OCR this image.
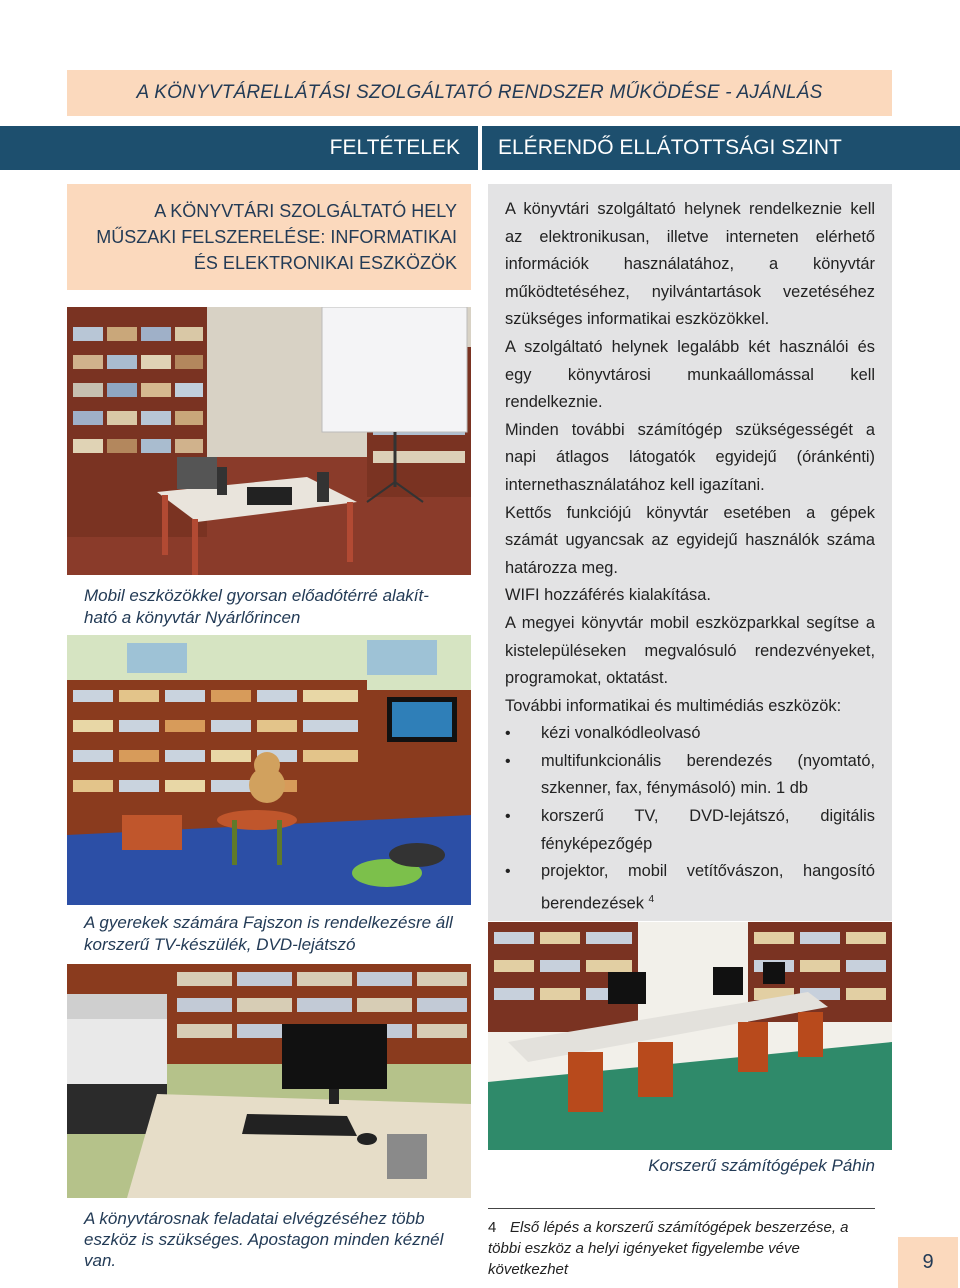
A KÖNYVTÁRELLÁTÁSI SZOLGÁLTATÓ RENDSZER MŰKÖDÉSE - AJÁNLÁS
FELTÉTELEK ELÉRENDŐ ELLÁTOTTSÁGI SZINT
A KÖNYVTÁRI SZOLGÁLTATÓ HELY
MŰSZAKI FELSZERELÉSE: INFORMATIKAI
ÉS ELEKTRONIKAI ESZKÖZÖK
Mobil eszközökkel gyorsan előadótérré alakít-
ható a könyvtár Nyárlőrincen
A gyerekek számára Fajszon is rendelkezésre áll
korszerű TV-készülék, DVD-lejátszó
A könyvtárosnak feladatai elvégzéséhez több
eszköz is szükséges. Apostagon minden kéznél
van.

A könyvtári szolgáltató helynek rendelkeznie kell az elektronikusan, illetve interneten elérhető információk használatához, a könyvtár működtetéséhez, nyilvántartások vezetéséhez szükséges informatikai eszközökkel.

A szolgáltató helynek legalább két használói és egy könyvtárosi munkaállomással kell rendelkeznie.

Minden további számítógép szükségességét a napi átlagos látogatók egyidejű (óránkénti) internethasználatához kell igazítani.

Kettős funkciójú könyvtár esetében a gépek számát ugyancsak az egyidejű használók száma határozza meg.

WIFI hozzáférés kialakítása.

A megyei könyvtár mobil eszközparkkal segítse a kistelepüléseken megvalósuló rendezvényeket, programokat, oktatást.

További informatikai és multimédiás eszközök:

• kézi vonalkódleolvasó
• multifunkcionális berendezés (nyomtató, szkenner, fax, fénymásoló) min. 1 db
• korszerű TV, DVD-lejátszó, digitális fényképezőgép
• projektor, mobil vetítővászon, hangosító berendezések $^4$
Korszerű számítógépek Páhin
4 Első lépés a korszerű számítógépek beszerzése, a többi eszköz a helyi igényeket figyelembe véve következhet	9
